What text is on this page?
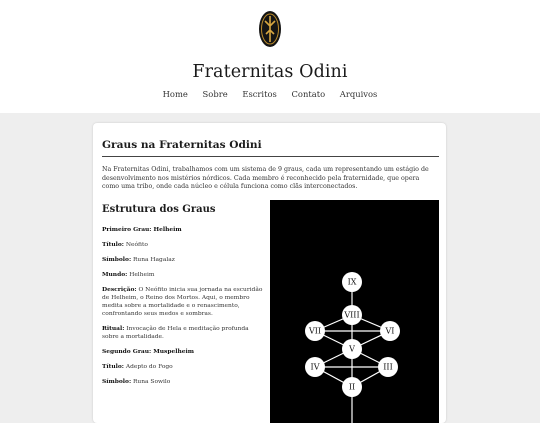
Fraternitas Odini
Home Sobre Escritos Contato Arquivos
Graus na Fraternitas Odini

Na Fraternitas Odini, trabalhamos com um sistema de 9 graus, cada um representando um estágio de desenvolvimento nos mistérios nórdicos. Cada membro é reconhecido pela fraternidade, que opera como uma tribo, onde cada núcleo e célula funciona como clãs interconectados.

Estrutura dos Graus

Primeiro Grau: Helheim

Título: Neófito

Símbolo: Runa Hagalaz

Mundo: Helheim

Descrição: O Neófito inicia sua jornada na escuridão de Helheim, o Reino dos Mortos. Aqui, o membro medita sobre a mortalidade e o renascimento, confrontando seus medos e sombras.

Ritual: Invocação de Hela e meditação profunda sobre a mortalidade.

Segundo Grau: Muspelheim

Título: Adepto do Fogo

Símbolo: Runa Sowilo

IX
VIII
VII	VI
V
IV	III
II
